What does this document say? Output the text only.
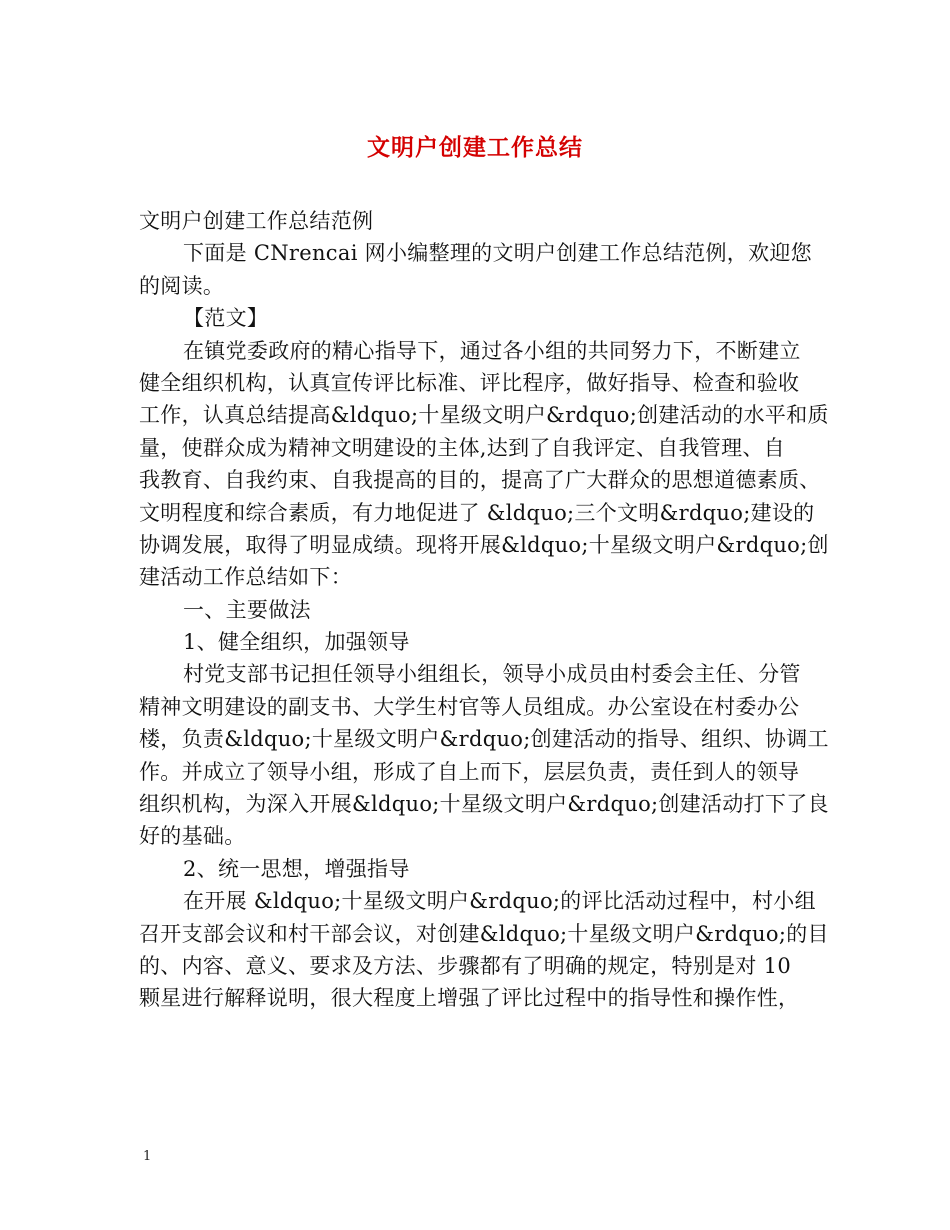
文明户创建工作总结
文明户创建工作总结范例
下面是 CNrencai 网小编整理的文明户创建工作总结范例，欢迎您
的阅读。
【范文】
在镇党委政府的精心指导下，通过各小组的共同努力下，不断建立
健全组织机构，认真宣传评比标准、评比程序，做好指导、检查和验收
工作，认真总结提高&ldquo;十星级文明户&rdquo;创建活动的水平和质
量，使群众成为精神文明建设的主体,达到了自我评定、自我管理、自
我教育、自我约束、自我提高的目的，提高了广大群众的思想道德素质、
文明程度和综合素质，有力地促进了 &ldquo;三个文明&rdquo;建设的
协调发展，取得了明显成绩。现将开展&ldquo;十星级文明户&rdquo;创
建活动工作总结如下：
一、主要做法
1、健全组织，加强领导
村党支部书记担任领导小组组长，领导小成员由村委会主任、分管
精神文明建设的副支书、大学生村官等人员组成。办公室设在村委办公
楼，负责&ldquo;十星级文明户&rdquo;创建活动的指导、组织、协调工
作。并成立了领导小组，形成了自上而下，层层负责，责任到人的领导
组织机构，为深入开展&ldquo;十星级文明户&rdquo;创建活动打下了良
好的基础。
2、统一思想，增强指导
在开展 &ldquo;十星级文明户&rdquo;的评比活动过程中，村小组
召开支部会议和村干部会议，对创建&ldquo;十星级文明户&rdquo;的目
的、内容、意义、要求及方法、步骤都有了明确的规定，特别是对 10
颗星进行解释说明，很大程度上增强了评比过程中的指导性和操作性，
1
